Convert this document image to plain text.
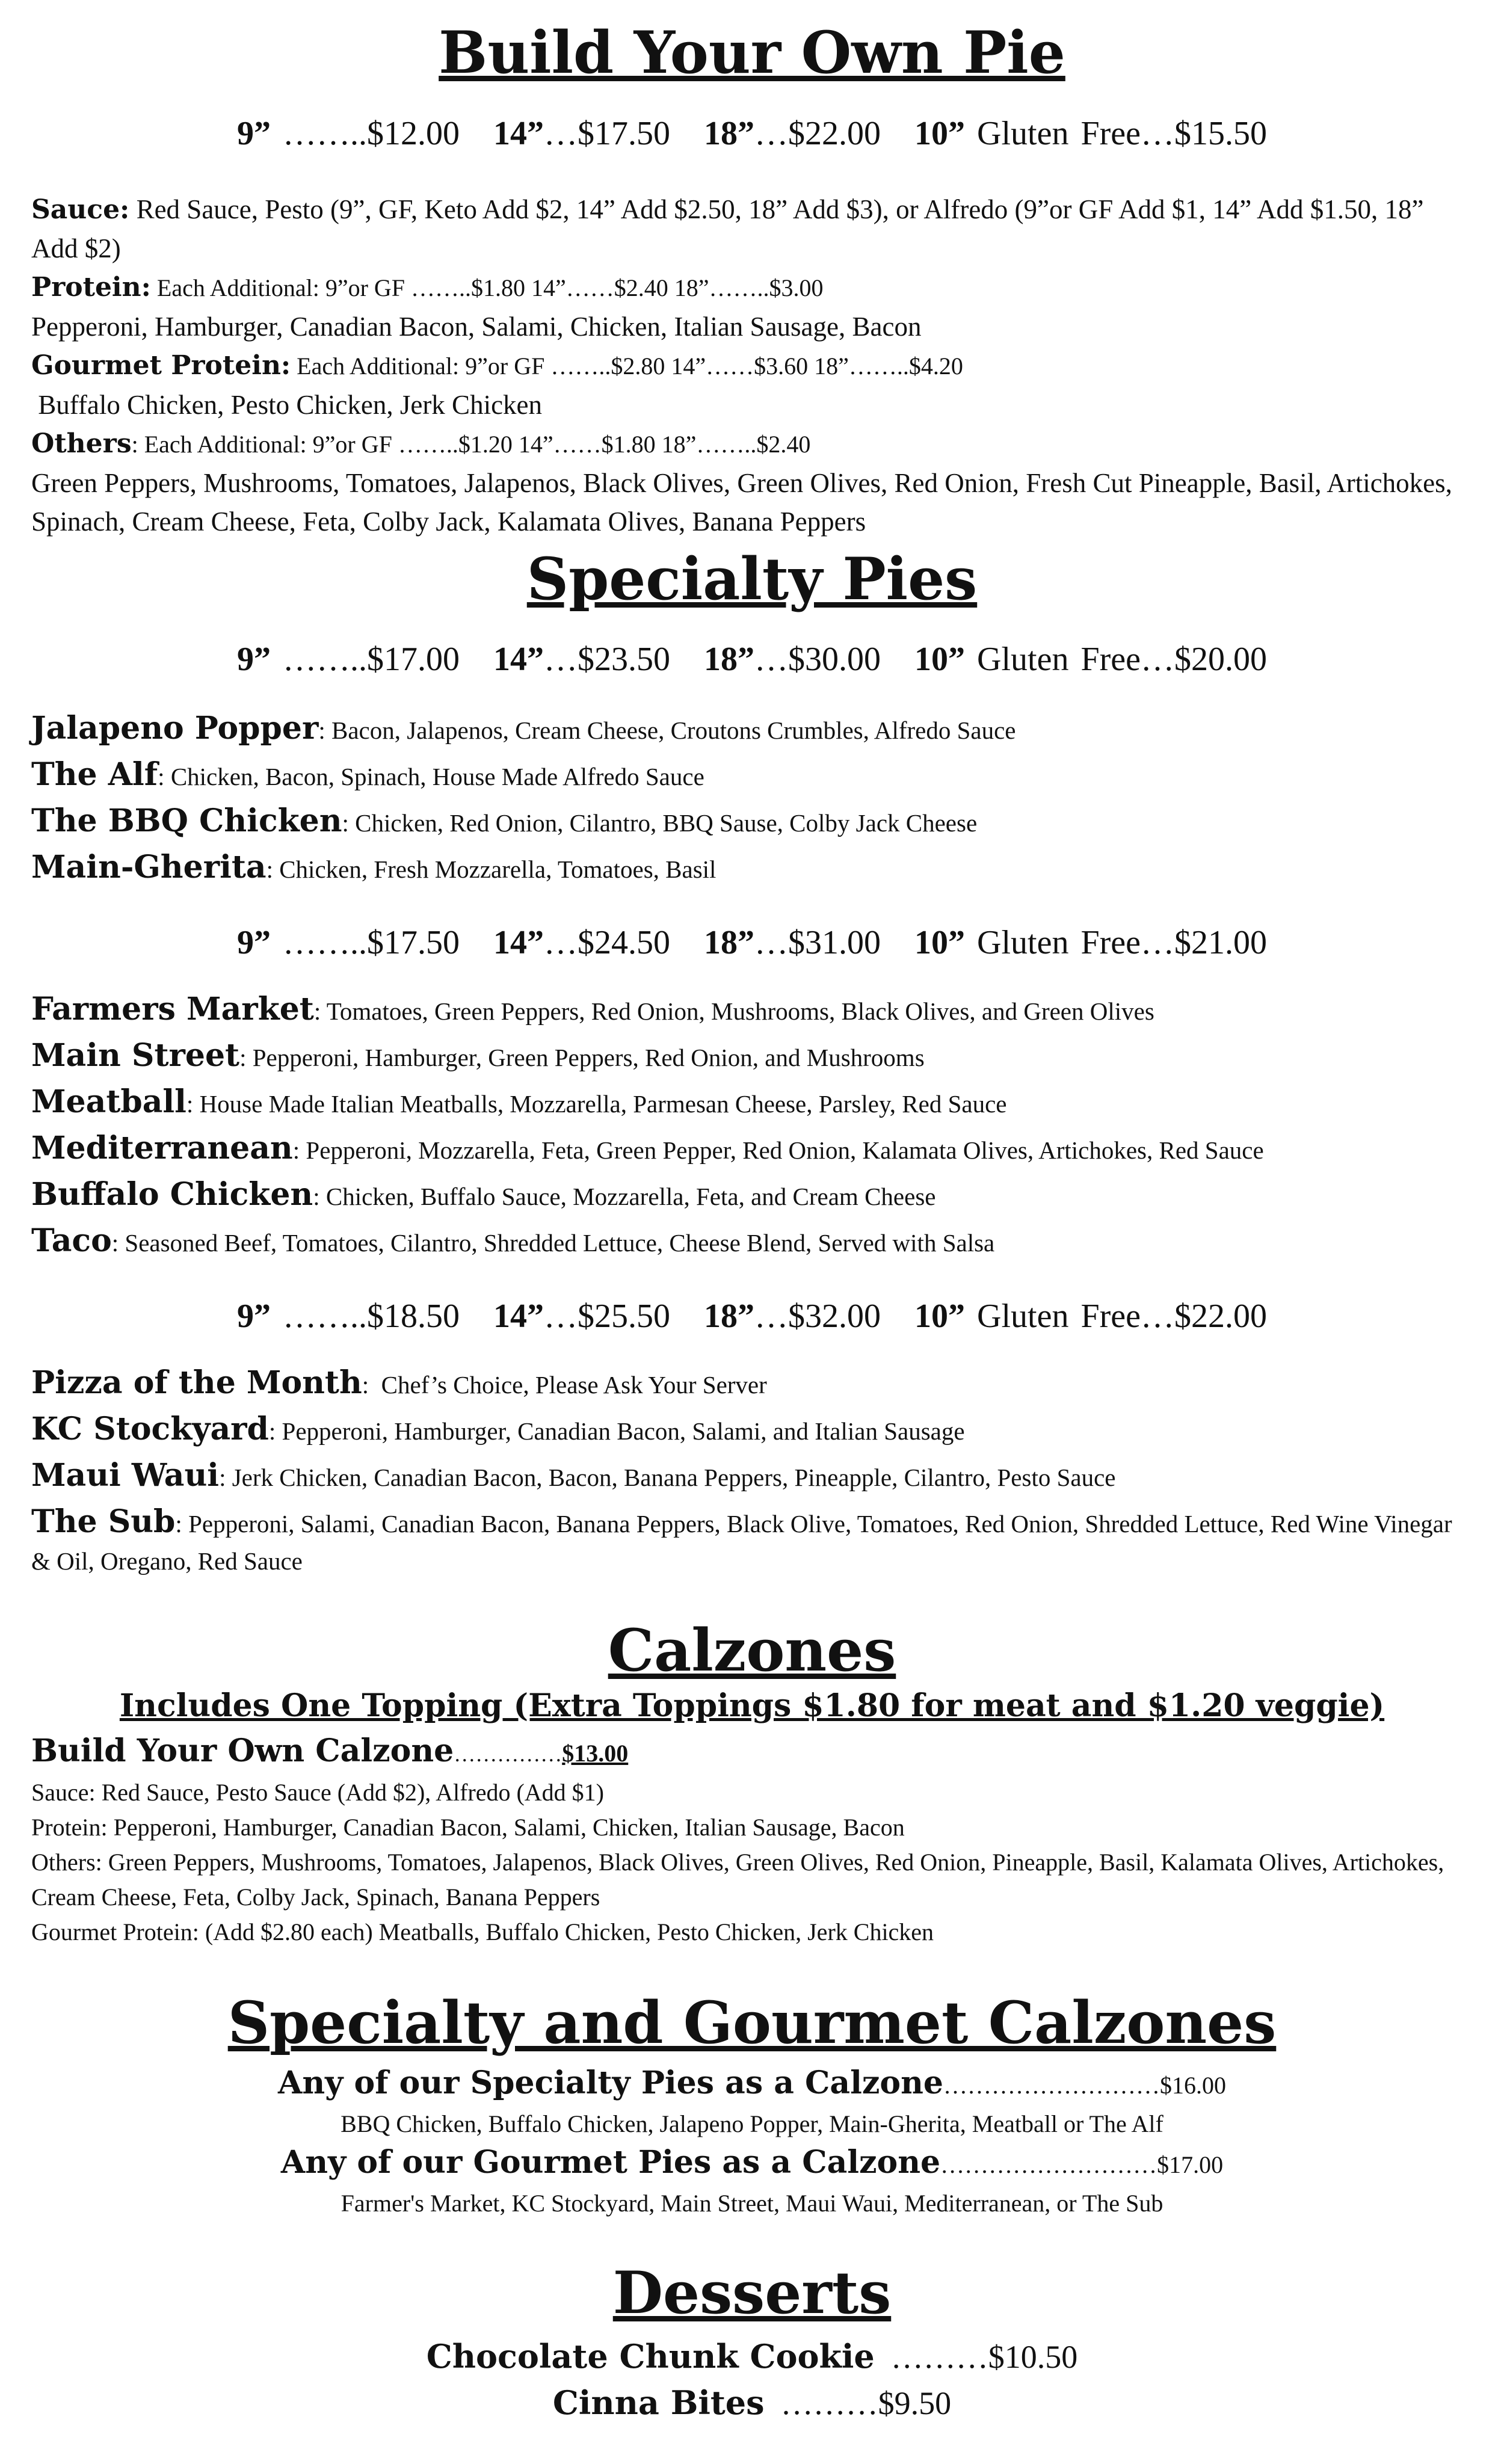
Build Your Own Pie
9” ……..$12.00 14”…$17.50 18”…$22.00 10” Gluten Free…$15.50

Sauce: Red Sauce, Pesto (9”, GF, Keto Add $2, 14” Add $2.50, 18” Add $3), or Alfredo (9”or GF Add $1, 14” Add $1.50, 18” Add $2)

Protein: Each Additional: 9”or GF ……..$1.80 14”……$2.40 18”……..$3.00

Pepperoni, Hamburger, Canadian Bacon, Salami, Chicken, Italian Sausage, Bacon

Gourmet Protein: Each Additional: 9”or GF ……..$2.80 14”……$3.60 18”……..$4.20

Buffalo Chicken, Pesto Chicken, Jerk Chicken

Others: Each Additional: 9”or GF ……..$1.20 14”……$1.80 18”……..$2.40

Green Peppers, Mushrooms, Tomatoes, Jalapenos, Black Olives, Green Olives, Red Onion, Fresh Cut Pineapple, Basil, Artichokes, Spinach, Cream Cheese, Feta, Colby Jack, Kalamata Olives, Banana Peppers

Specialty Pies
9” ……..$17.00 14”…$23.50 18”…$30.00 10” Gluten Free…$20.00

Jalapeno Popper: Bacon, Jalapenos, Cream Cheese, Croutons Crumbles, Alfredo Sauce

The Alf: Chicken, Bacon, Spinach, House Made Alfredo Sauce

The BBQ Chicken: Chicken, Red Onion, Cilantro, BBQ Sause, Colby Jack Cheese

Main-Gherita: Chicken, Fresh Mozzarella, Tomatoes, Basil

9” ……..$17.50 14”…$24.50 18”…$31.00 10” Gluten Free…$21.00

Farmers Market: Tomatoes, Green Peppers, Red Onion, Mushrooms, Black Olives, and Green Olives

Main Street: Pepperoni, Hamburger, Green Peppers, Red Onion, and Mushrooms

Meatball: House Made Italian Meatballs, Mozzarella, Parmesan Cheese, Parsley, Red Sauce

Mediterranean: Pepperoni, Mozzarella, Feta, Green Pepper, Red Onion, Kalamata Olives, Artichokes, Red Sauce

Buffalo Chicken: Chicken, Buffalo Sauce, Mozzarella, Feta, and Cream Cheese

Taco: Seasoned Beef, Tomatoes, Cilantro, Shredded Lettuce, Cheese Blend, Served with Salsa

9” ……..$18.50 14”…$25.50 18”…$32.00 10” Gluten Free…$22.00

Pizza of the Month:  Chef’s Choice, Please Ask Your Server

KC Stockyard: Pepperoni, Hamburger, Canadian Bacon, Salami, and Italian Sausage

Maui Waui: Jerk Chicken, Canadian Bacon, Bacon, Banana Peppers, Pineapple, Cilantro, Pesto Sauce

The Sub: Pepperoni, Salami, Canadian Bacon, Banana Peppers, Black Olive, Tomatoes, Red Onion, Shredded Lettuce, Red Wine Vinegar & Oil, Oregano, Red Sauce

Calzones
Includes One Topping (Extra Toppings $1.80 for meat and $1.20 veggie)

Build Your Own Calzone……………$13.00

Sauce: Red Sauce, Pesto Sauce (Add $2), Alfredo (Add $1)

Protein: Pepperoni, Hamburger, Canadian Bacon, Salami, Chicken, Italian Sausage, Bacon

Others: Green Peppers, Mushrooms, Tomatoes, Jalapenos, Black Olives, Green Olives, Red Onion, Pineapple, Basil, Kalamata Olives, Artichokes, Cream Cheese, Feta, Colby Jack, Spinach, Banana Peppers

Gourmet Protein: (Add $2.80 each) Meatballs, Buffalo Chicken, Pesto Chicken, Jerk Chicken

Specialty and Gourmet Calzones

Any of our Specialty Pies as a Calzone………………………$16.00

BBQ Chicken, Buffalo Chicken, Jalapeno Popper, Main-Gherita, Meatball or The Alf

Any of our Gourmet Pies as a Calzone………………………$17.00

Farmer's Market, KC Stockyard, Main Street, Maui Waui, Mediterranean, or The Sub

Desserts

Chocolate Chunk Cookie  ………$10.50

Cinna Bites  ………$9.50
